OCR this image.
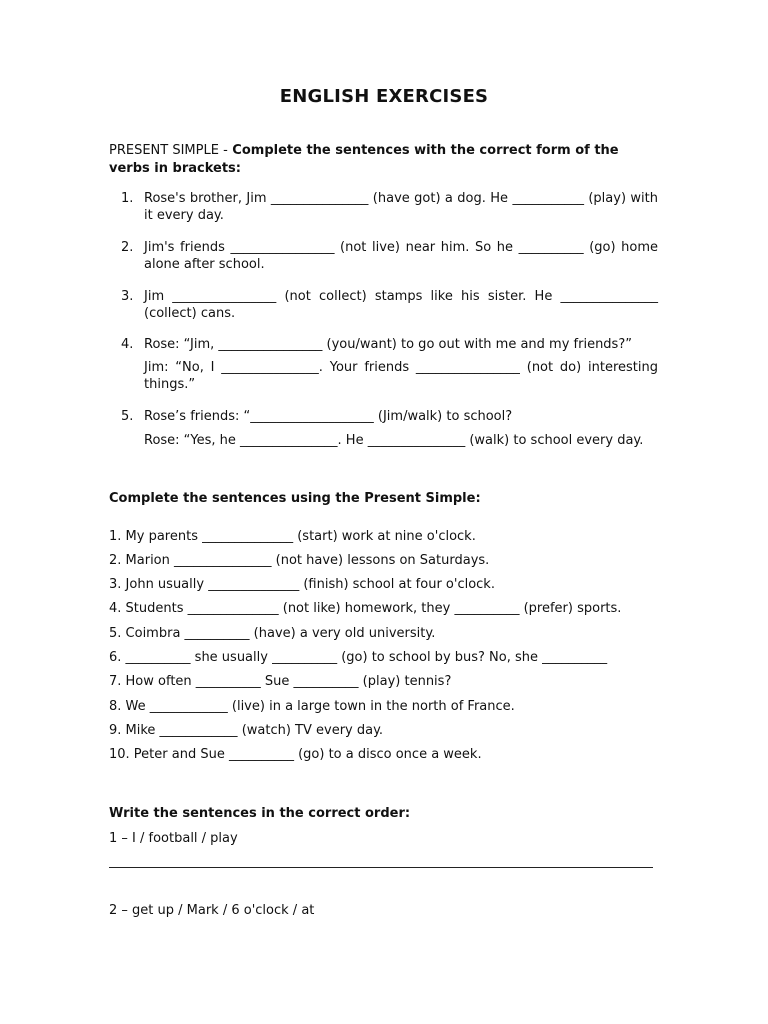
ENGLISH EXERCISES
PRESENT SIMPLE - Complete the sentences with the correct form of the verbs in brackets:
1. Rose's brother, Jim _______________ (have got) a dog. He ___________ (play) with it every day.
2. Jim's friends ________________ (not live) near him. So he __________ (go) home alone after school.
3. Jim ________________ (not collect) stamps like his sister. He _______________ (collect) cans.
4. Rose: “Jim, ________________ (you/want) to go out with me and my friends?”
Jim: “No, I _______________. Your friends ________________ (not do) interesting things.”
5. Rose’s friends: “___________________ (Jim/walk) to school?
Rose: “Yes, he _______________. He _______________ (walk) to school every day.
Complete the sentences using the Present Simple:
1. My parents ______________ (start) work at nine o'clock.
2. Marion _______________ (not have) lessons on Saturdays.
3. John usually ______________ (finish) school at four o'clock.
4. Students ______________ (not like) homework, they __________ (prefer) sports.
5. Coimbra __________ (have) a very old university.
6. __________ she usually __________ (go) to school by bus? No, she __________
7. How often __________ Sue __________ (play) tennis?
8. We ____________ (live) in a large town in the north of France.
9. Mike ____________ (watch) TV every day.
10. Peter and Sue __________ (go) to a disco once a week.
Write the sentences in the correct order:
1 – I / football / play
2 – get up / Mark / 6 o'clock / at
